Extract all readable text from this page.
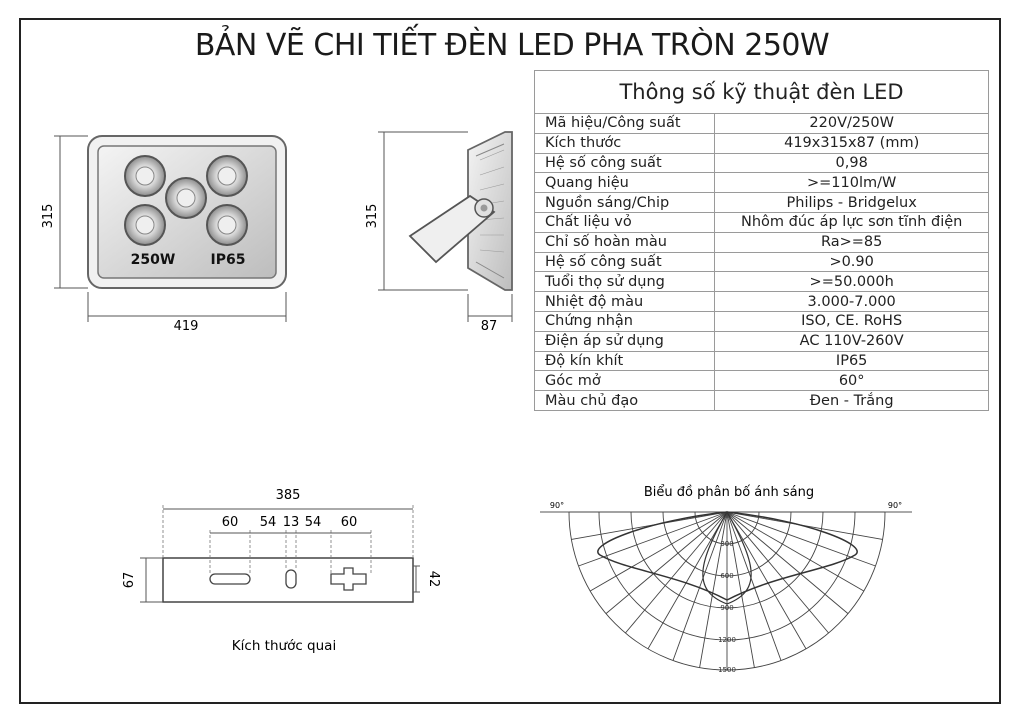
BẢN VẼ CHI TIẾT ĐÈN LED PHA TRÒN 250W
Thông số kỹ thuật đèn LED	
Mã hiệu/Công suất	220V/250W
Kích thước	419x315x87 (mm)
Hệ số công suất	0,98
Quang hiệu	>=110lm/W
Nguồn sáng/Chip	Philips - Bridgelux
Chất liệu vỏ	Nhôm đúc áp lực sơn tĩnh điện
Chỉ số hoàn màu	Ra>=85
Hệ số công suất	>0.90
Tuổi thọ sử dụng	>=50.000h
Nhiệt độ màu	3.000-7.000
Chứng nhận	ISO, CE. RoHS
Điện áp sử dụng	AC 110V-260V
Độ kín khít	IP65
Góc mở	60°
Màu chủ đạo	Đen - Trắng
250W	IP65
315
419
315
87
385
60 54 13 54 60
67	42
Kích thước quai
Biểu đồ phân bố ánh sáng
90°	90°
300
600
900
1200
1500
